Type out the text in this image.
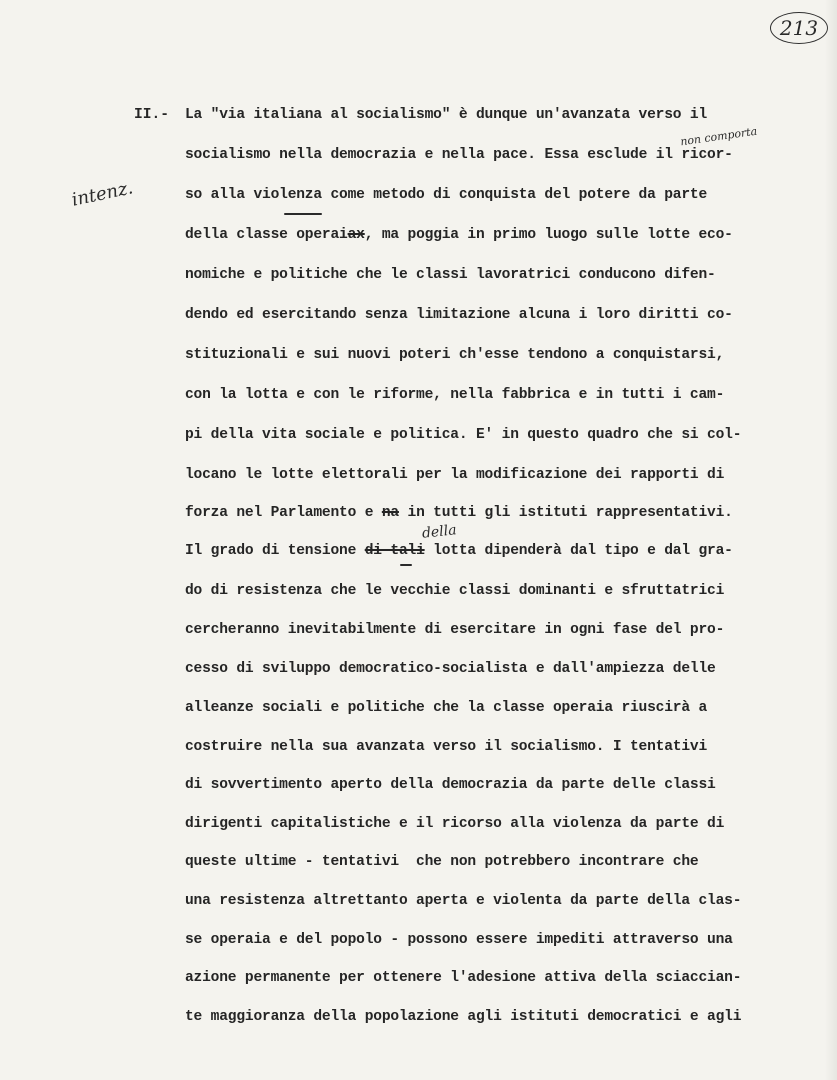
213
intenz.
II.-
non comporta
della
La "via italiana al socialismo" è dunque un'avanzata verso il
socialismo nella democrazia e nella pace. Essa esclude il ricor-
so alla violenza come metodo di conquista del potere da parte
della classe operaiax, ma poggia in primo luogo sulle lotte eco-
nomiche e politiche che le classi lavoratrici conducono difen-
dendo ed esercitando senza limitazione alcuna i loro diritti co-
stituzionali e sui nuovi poteri ch'esse tendono a conquistarsi,
con la lotta e con le riforme, nella fabbrica e in tutti i cam-
pi della vita sociale e politica. E' in questo quadro che si col-
locano le lotte elettorali per la modificazione dei rapporti di
forza nel Parlamento e na in tutti gli istituti rappresentativi.
Il grado di tensione di tali lotta dipenderà dal tipo e dal gra-
do di resistenza che le vecchie classi dominanti e sfruttatrici
cercheranno inevitabilmente di esercitare in ogni fase del pro-
cesso di sviluppo democratico-socialista e dall'ampiezza delle
alleanze sociali e politiche che la classe operaia riuscirà a
costruire nella sua avanzata verso il socialismo. I tentativi
di sovvertimento aperto della democrazia da parte delle classi
dirigenti capitalistiche e il ricorso alla violenza da parte di
queste ultime - tentativi  che non potrebbero incontrare che
una resistenza altrettanto aperta e violenta da parte della clas-
se operaia e del popolo - possono essere impediti attraverso una
azione permanente per ottenere l'adesione attiva della sciaccian-
te maggioranza della popolazione agli istituti democratici e agli
